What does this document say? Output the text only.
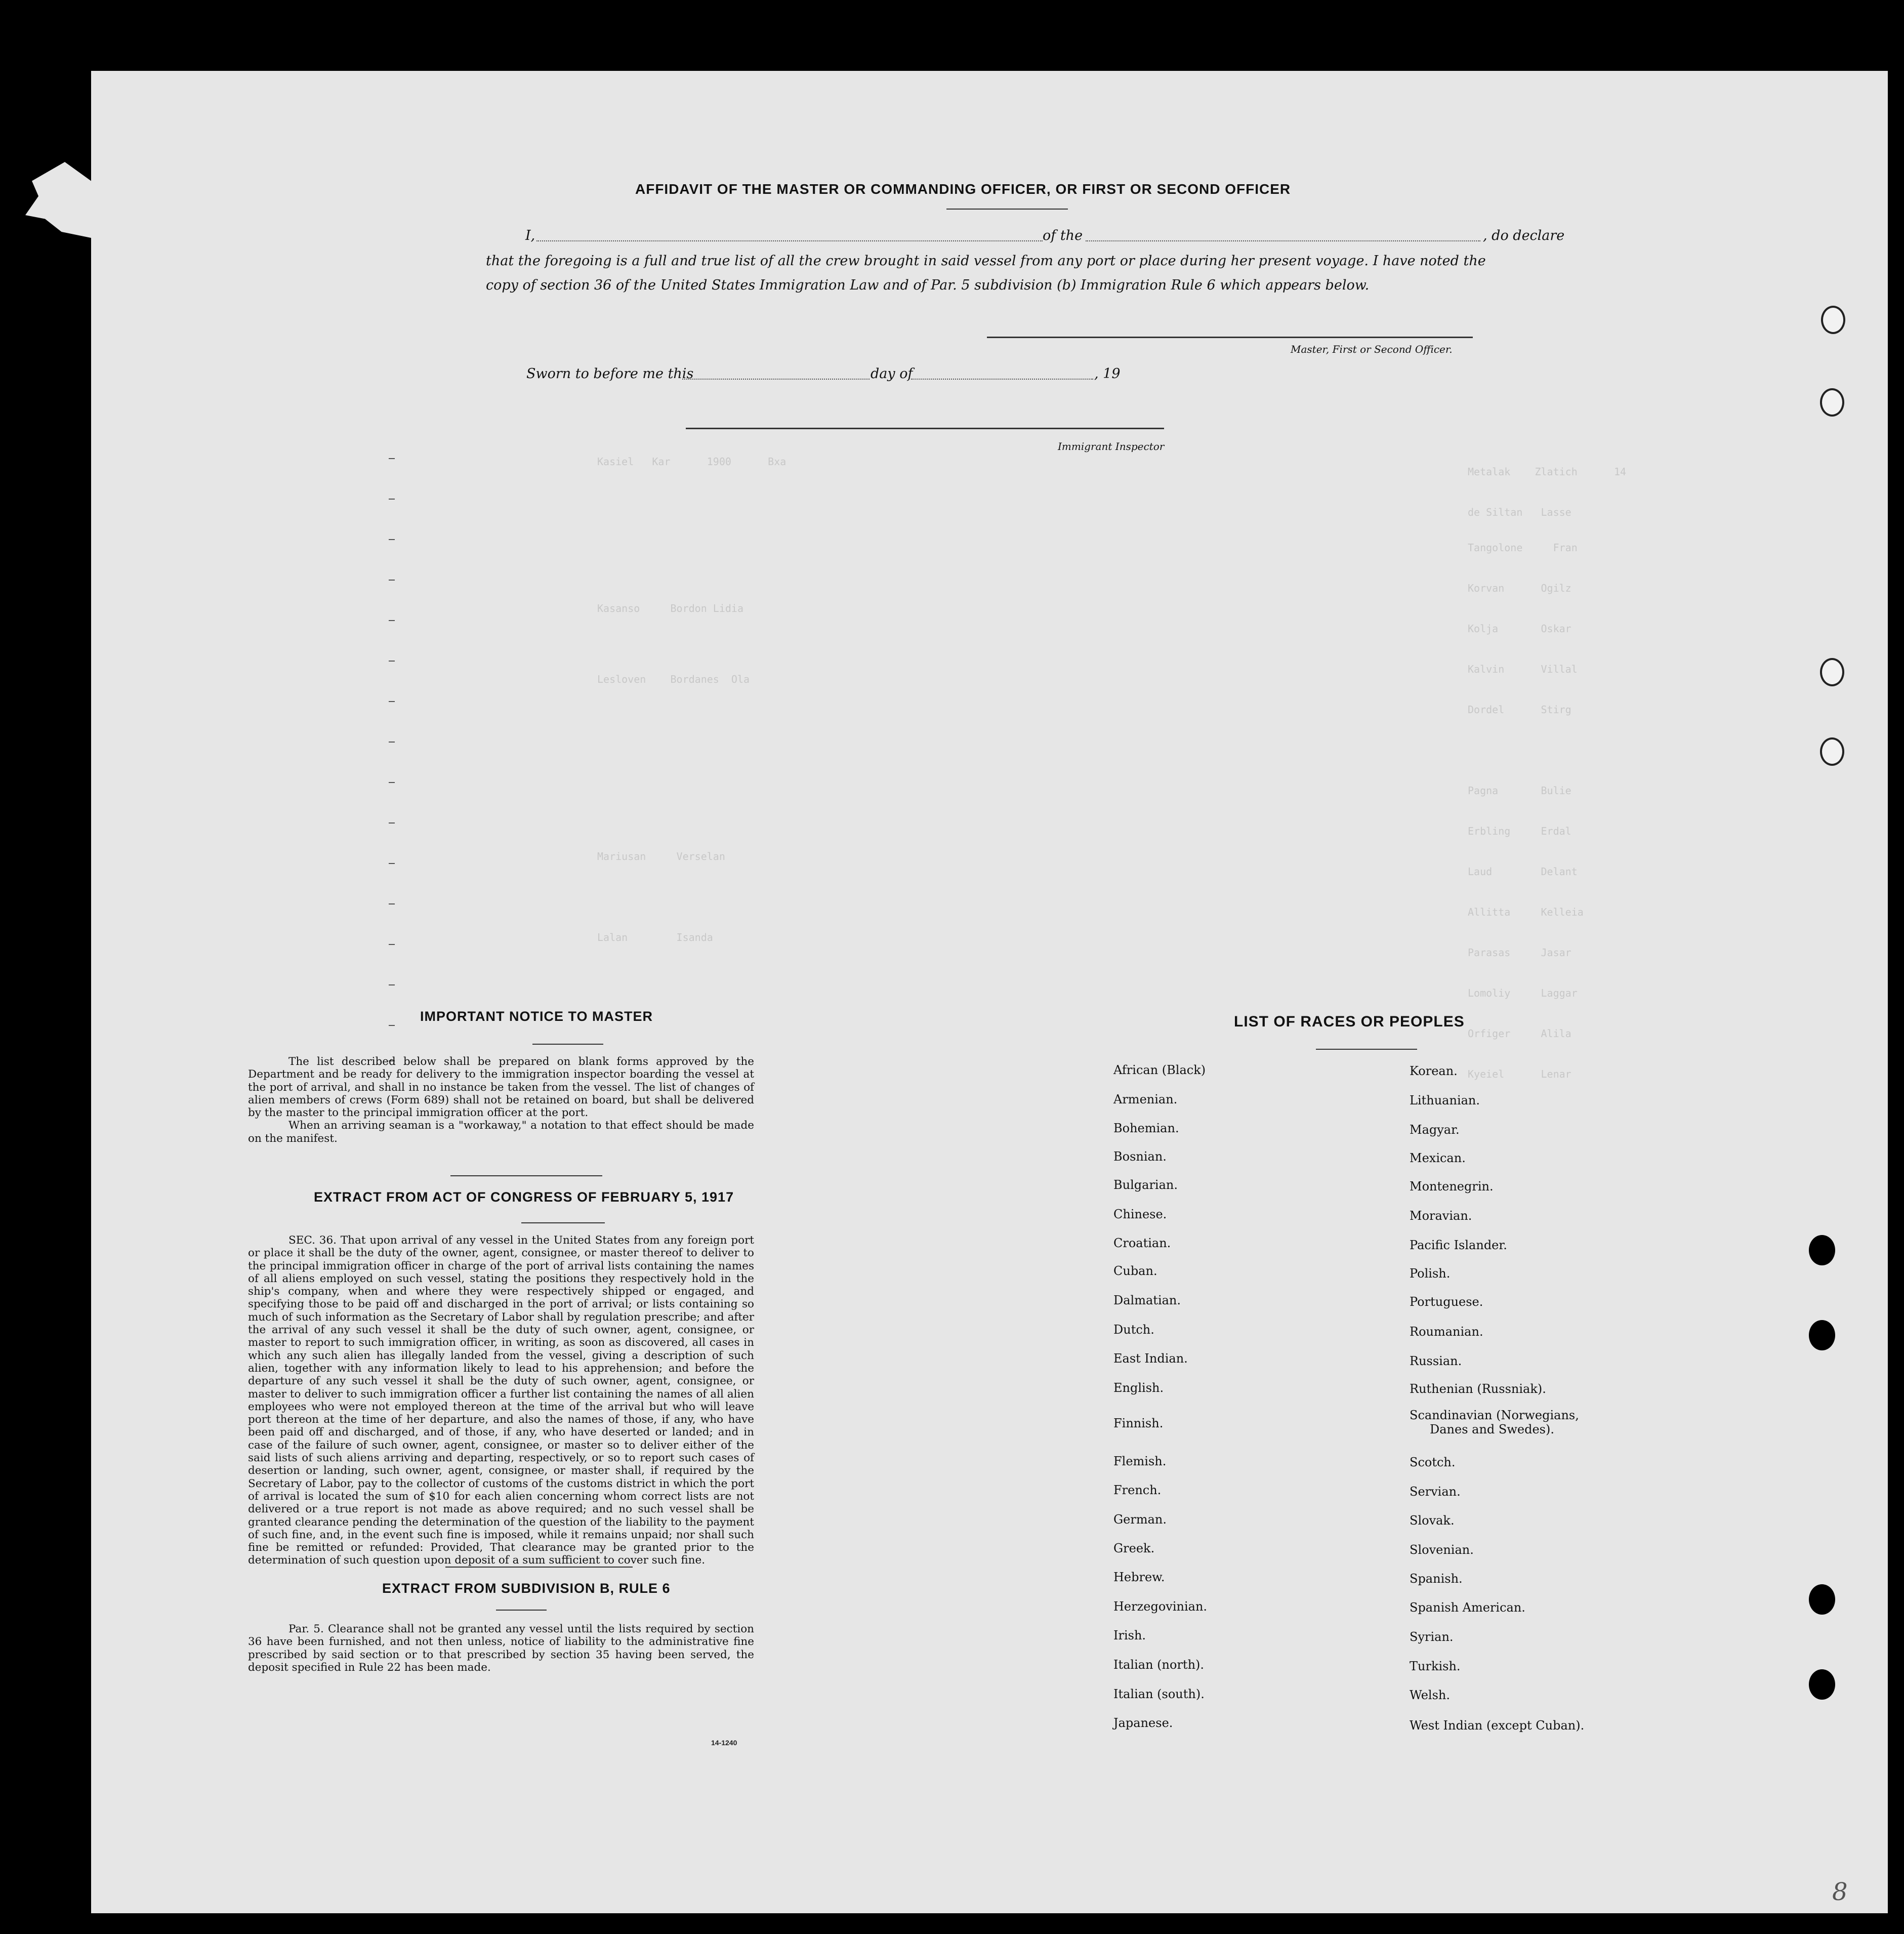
Metalak    Zlatich      14
de Siltan   Lasse
Tangolone     Fran
Korvan      Ogilz
Kolja       Oskar
Kalvin      Villal
Dordel      Stirg
Pagna       Bulie
Erbling     Erdal
Laud        Delant
Allitta     Kelleia
Parasas     Jasar
Lomoliy     Laggar
Orfiger     Alila
Kyeiel      Lenar
Kasiel   Kar      1900      Bxa
Kasanso     Bordon Lidia
Lesloven    Bordanes  Ola
Mariusan     Verselan
Lalan        Isanda
AFFIDAVIT OF THE MASTER OR COMMANDING OFFICER, OR FIRST OR SECOND OFFICER
I,	of the	, do declare
that the foregoing is a full and true list of all the crew brought in said vessel from any port or place during her present voyage. I have noted the
copy of section 36 of the United States Immigration Law and of Par. 5 subdivision (b) Immigration Rule 6 which appears below.
Master, First or Second Officer.
Sworn to before me this	day of	, 19
Immigrant Inspector
IMPORTANT NOTICE TO MASTER

The list described below shall be prepared on blank forms approved by the Department and be ready for delivery to the immigration inspector boarding the vessel at the port of arrival, and shall in no instance be taken from the vessel. The list of changes of alien members of crews (Form 689) shall not be retained on board, but shall be delivered by the master to the principal immigration officer at the port.

When an arriving seaman is a "workaway," a notation to that effect should be made on the manifest.

EXTRACT FROM ACT OF CONGRESS OF FEBRUARY 5, 1917

SEC. 36. That upon arrival of any vessel in the United States from any foreign port or place it shall be the duty of the owner, agent, consignee, or master thereof to deliver to the principal immigration officer in charge of the port of arrival lists containing the names of all aliens employed on such vessel, stating the positions they respectively hold in the ship's company, when and where they were respectively shipped or engaged, and specifying those to be paid off and discharged in the port of arrival; or lists containing so much of such information as the Secretary of Labor shall by regulation prescribe; and after the arrival of any such vessel it shall be the duty of such owner, agent, consignee, or master to report to such immigration officer, in writing, as soon as discovered, all cases in which any such alien has illegally landed from the vessel, giving a description of such alien, together with any information likely to lead to his apprehension; and before the departure of any such vessel it shall be the duty of such owner, agent, consignee, or master to deliver to such immigration officer a further list containing the names of all alien employees who were not employed thereon at the time of the arrival but who will leave port thereon at the time of her departure, and also the names of those, if any, who have been paid off and discharged, and of those, if any, who have deserted or landed; and in case of the failure of such owner, agent, consignee, or master so to deliver either of the said lists of such aliens arriving and departing, respectively, or so to report such cases of desertion or landing, such owner, agent, consignee, or master shall, if required by the Secretary of Labor, pay to the collector of customs of the customs district in which the port of arrival is located the sum of $10 for each alien concerning whom correct lists are not delivered or a true report is not made as above required; and no such vessel shall be granted clearance pending the determination of the question of the liability to the payment of such fine, and, in the event such fine is imposed, while it remains unpaid; nor shall such fine be remitted or refunded: Provided, That clearance may be granted prior to the determination of such question upon deposit of a sum sufficient to cover such fine.

EXTRACT FROM SUBDIVISION B, RULE 6

Par. 5. Clearance shall not be granted any vessel until the lists required by section 36 have been furnished, and not then unless, notice of liability to the administrative fine prescribed by said section or to that prescribed by section 35 having been served, the deposit specified in Rule 22 has been made.

14-1240
LIST OF RACES OR PEOPLES
African (Black)
Armenian.
Bohemian.
Bosnian.
Bulgarian.
Chinese.
Croatian.
Cuban.
Dalmatian.
Dutch.
East Indian.
English.
Finnish.
Flemish.
French.
German.
Greek.
Hebrew.
Herzegovinian.
Irish.
Italian (north).
Italian (south).
Japanese.
Korean.
Lithuanian.
Magyar.
Mexican.
Montenegrin.
Moravian.
Pacific Islander.
Polish.
Portuguese.
Roumanian.
Russian.
Ruthenian (Russniak).
Scandinavian (Norwegians,
Scotch.
Servian.
Slovak.
Slovenian.
Spanish.
Spanish American.
Syrian.
Turkish.
Welsh.
West Indian (except Cuban).
Danes and Swedes).
8
